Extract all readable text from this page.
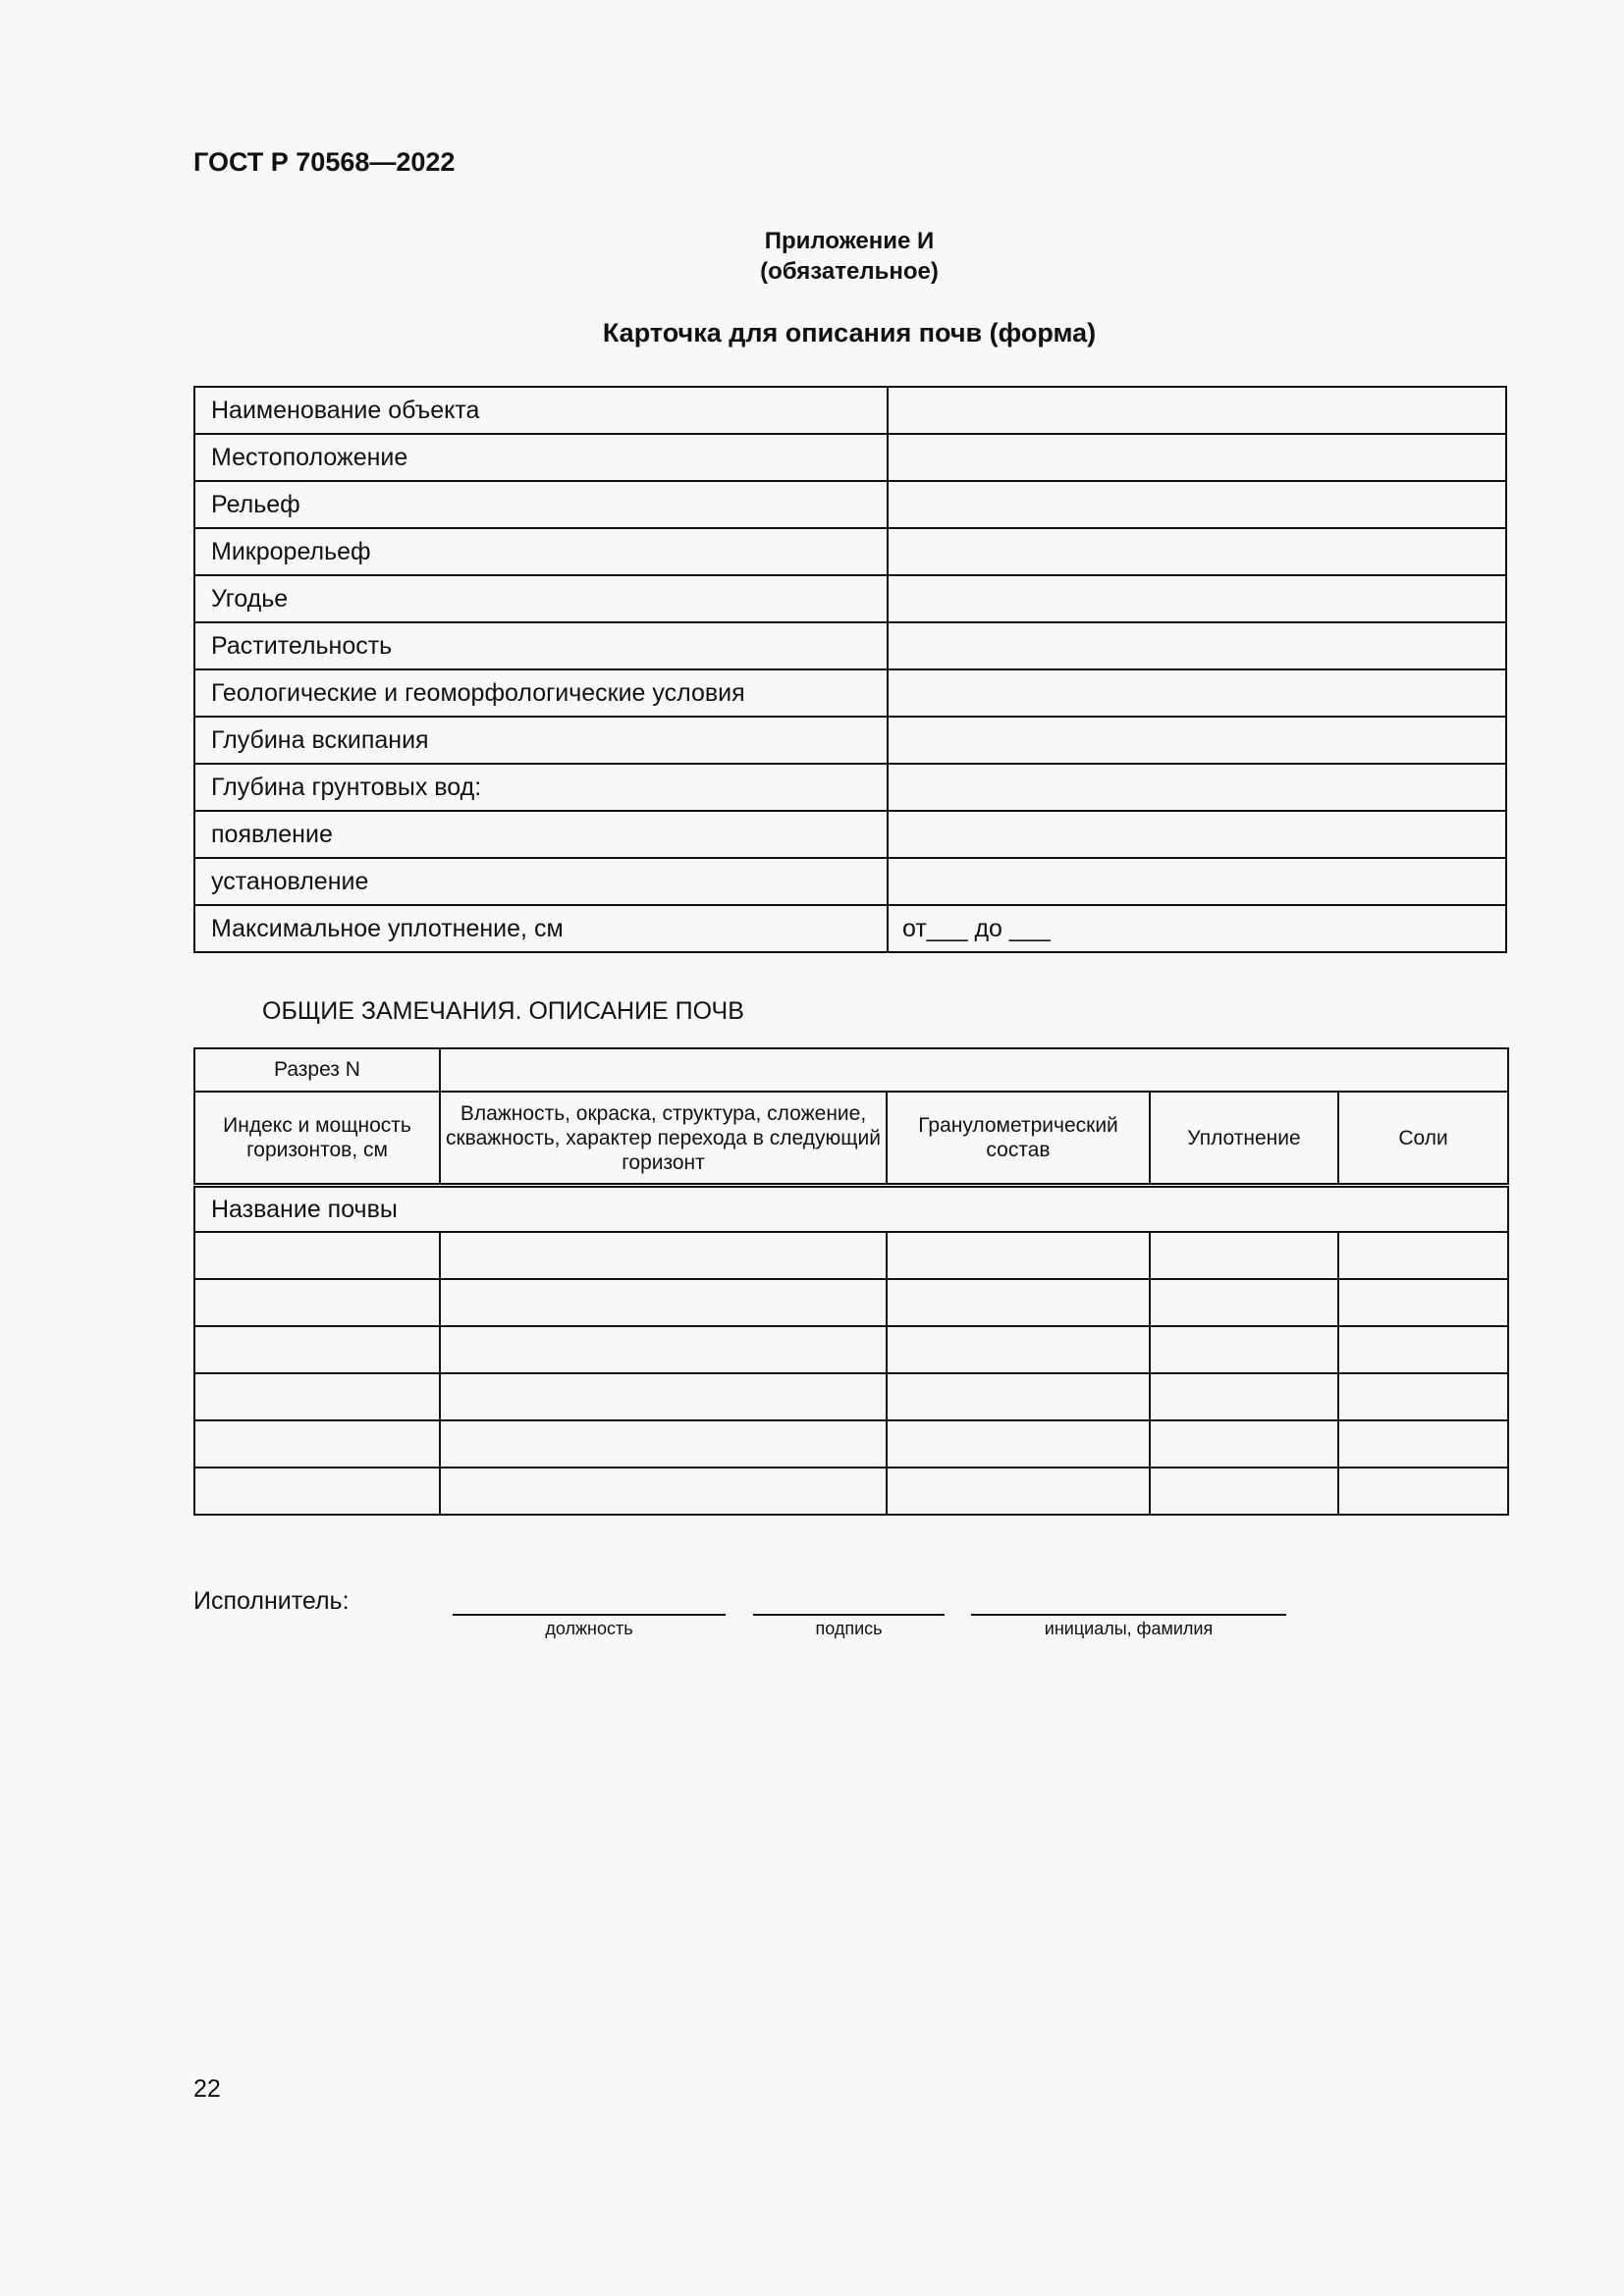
ГОСТ Р 70568—2022
Приложение И
(обязательное)
Карточка для описания почв (форма)
Наименование объекта	
Местоположение	
Рельеф	
Микрорельеф	
Угодье	
Растительность	
Геологические и геоморфологические условия	
Глубина вскипания	
Глубина грунтовых вод:	
появление	
установление	
Максимальное уплотнение, см	от___ до ___
ОБЩИЕ ЗАМЕЧАНИЯ. ОПИСАНИЕ ПОЧВ
Разрез N				
Индекс и мощность горизонтов, см	Влажность, окраска, структура, сложение, скважность, характер перехода в следующий горизонт	Гранулометрический состав	Уплотнение	Соли
Название почвы				

Исполнитель:
должность	подпись	инициалы, фамилия
22
